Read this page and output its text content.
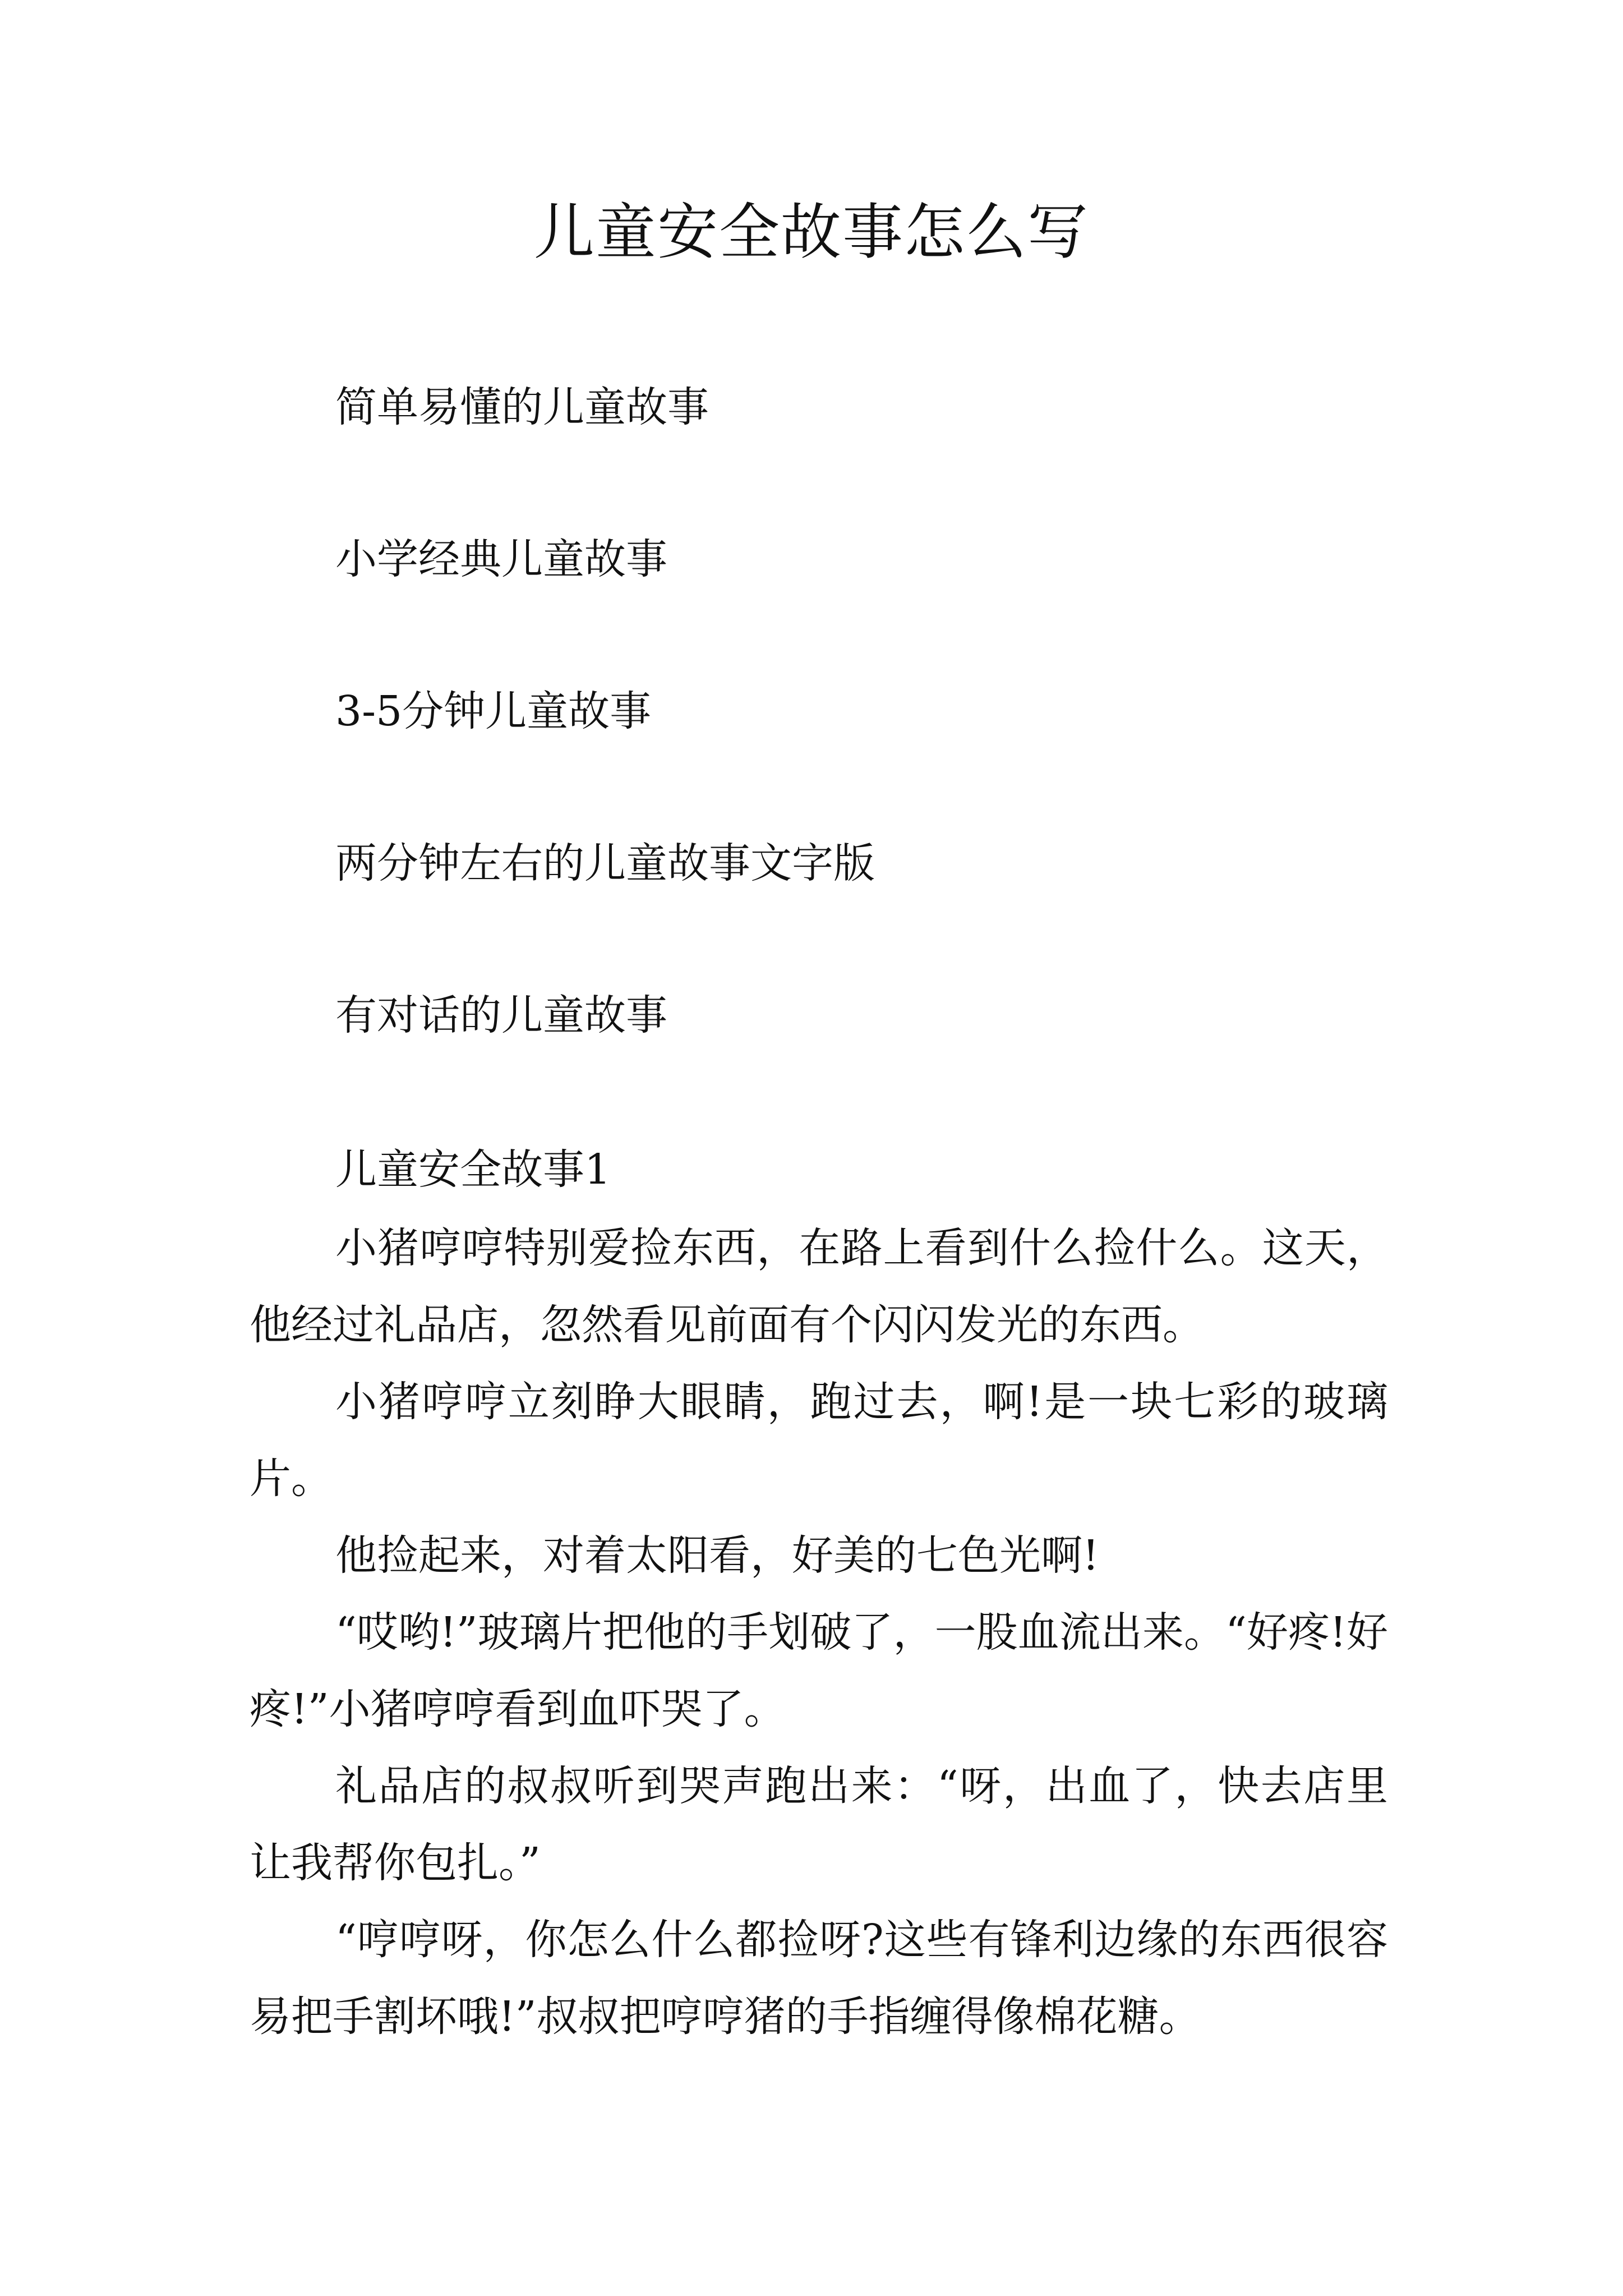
儿童安全故事怎么写
简单易懂的儿童故事
小学经典儿童故事
3-5分钟儿童故事
两分钟左右的儿童故事文字版
有对话的儿童故事
儿童安全故事1

小猪哼哼特别爱捡东西，在路上看到什么捡什么。这天，他经过礼品店，忽然看见前面有个闪闪发光的东西。

小猪哼哼立刻睁大眼睛，跑过去，啊!是一块七彩的玻璃片。

他捡起来，对着太阳看，好美的七色光啊!

“哎哟!”玻璃片把他的手划破了，一股血流出来。“好疼!好疼!”小猪哼哼看到血吓哭了。

礼品店的叔叔听到哭声跑出来：“呀，出血了，快去店里让我帮你包扎。”

“哼哼呀，你怎么什么都捡呀?这些有锋利边缘的东西很容易把手割坏哦!”叔叔把哼哼猪的手指缠得像棉花糖。
